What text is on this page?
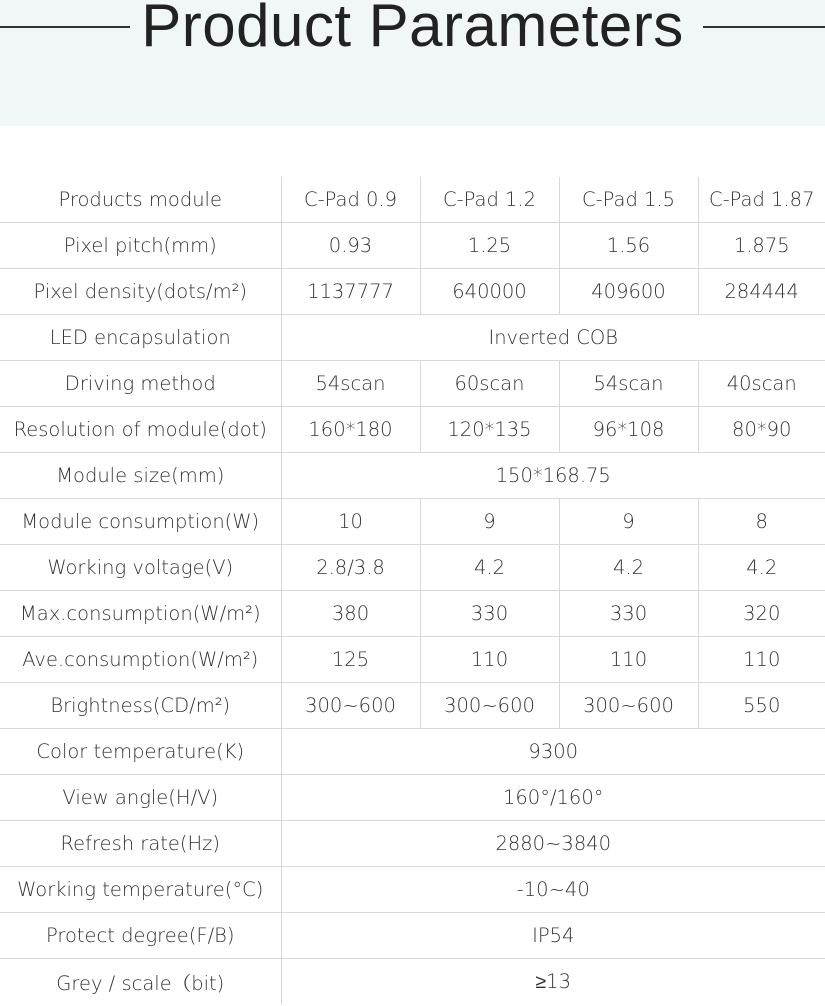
Product Parameters
Products module	C-Pad 0.9	C-Pad 1.2	C-Pad 1.5	C-Pad 1.87
Pixel pitch(mm)	0.93	1.25	1.56	1.875
Pixel density(dots/m²)	1137777	640000	409600	284444
LED encapsulation	Inverted COB			
Driving method	54scan	60scan	54scan	40scan
Resolution of module(dot)	160*180	120*135	96*108	80*90
Module size(mm)	150*168.75			
Module consumption(W)	10	9	9	8
Working voltage(V)	2.8/3.8	4.2	4.2	4.2
Max.consumption(W/m²)	380	330	330	320
Ave.consumption(W/m²)	125	110	110	110
Brightness(CD/m²)	300~600	300~600	300~600	550
Color temperature(K)	9300			
View angle(H/V)	160°/160°			
Refresh rate(Hz)	2880~3840			
Working temperature(°C)	-10~40			
Protect degree(F/B)	IP54			
Grey / scale（bit)	≥13			
